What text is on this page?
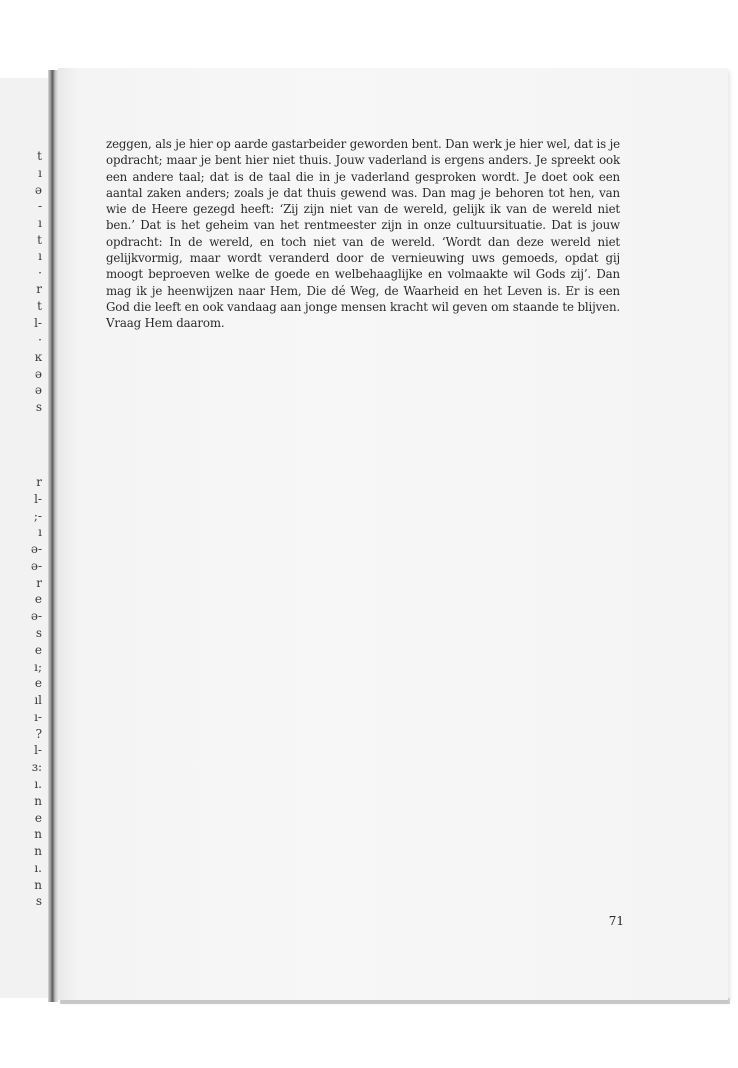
t
ı
ǝ
-
ı
t
ı
·
r
t
l-
·
ĸ
ǝ
ǝ
s
r
l-
;-
ı
ə-
ə-
r
e
ə-
s
e
ı;
e
ıl
ı-
?
l-
ɜ:
ı.
n
e
n
n
ı.
n
s

zeggen, als je hier op aarde gastarbeider geworden bent. Dan werk je hier wel, dat is je opdracht; maar je bent hier niet thuis. Jouw vaderland is ergens anders. Je spreekt ook een andere taal; dat is de taal die in je vaderland gesproken wordt. Je doet ook een aantal zaken anders; zoals je dat thuis gewend was. Dan mag je behoren tot hen, van wie de Heere gezegd heeft: ‘Zij zijn niet van de wereld, gelijk ik van de wereld niet ben.’ Dat is het geheim van het rentmeester zijn in onze cultuursituatie. Dat is jouw opdracht: In de wereld, en toch niet van de wereld. ‘Wordt dan deze wereld niet gelijkvormig, maar wordt veranderd door de vernieuwing uws gemoeds, opdat gij moogt beproeven welke de goede en welbehaaglijke en volmaakte wil Gods zij’. Dan mag ik je heenwijzen naar Hem, Die dé Weg, de Waarheid en het Leven is. Er is een God die leeft en ook vandaag aan jonge mensen kracht wil geven om staande te blijven. Vraag Hem daarom.

71
